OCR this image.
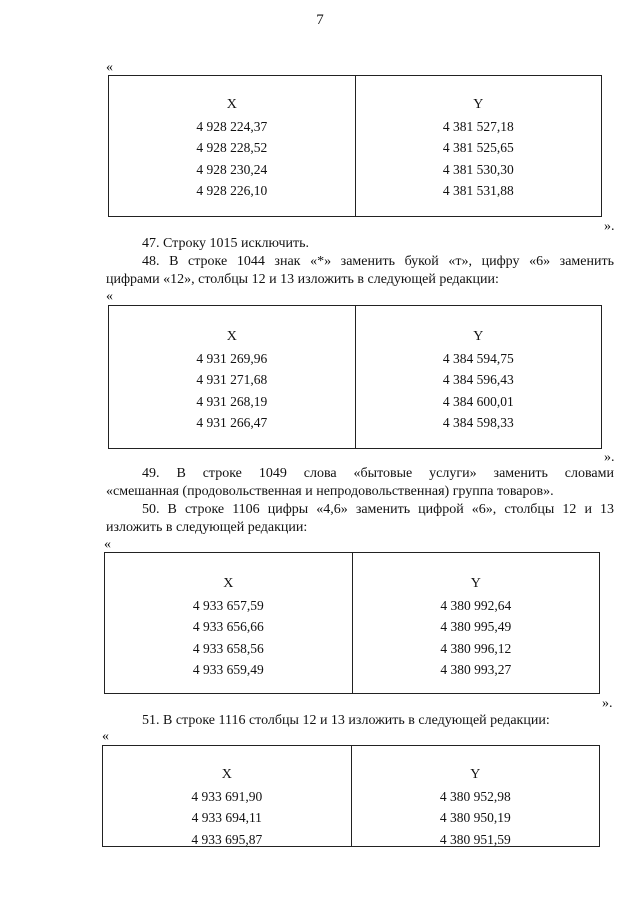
7
«
X
4 928 224,37
4 928 228,52
4 928 230,24
4 928 226,10
Y
4 381 527,18
4 381 525,65
4 381 530,30
4 381 531,88
».
47. Строку 1015 исключить.
48. В строке 1044 знак «*» заменить букой «т», цифру «6» заменить
цифрами «12», столбцы 12 и 13 изложить в следующей редакции:
«
X
4 931 269,96
4 931 271,68
4 931 268,19
4 931 266,47
Y
4 384 594,75
4 384 596,43
4 384 600,01
4 384 598,33
».
49. В строке 1049 слова «бытовые услуги» заменить словами
«смешанная (продовольственная и непродовольственная) группа товаров».
50. В строке 1106 цифры «4,6» заменить цифрой «6», столбцы 12 и 13
изложить в следующей редакции:
«
X
4 933 657,59
4 933 656,66
4 933 658,56
4 933 659,49
Y
4 380 992,64
4 380 995,49
4 380 996,12
4 380 993,27
».
51. В строке 1116 столбцы 12 и 13 изложить в следующей редакции:
«
X
4 933 691,90
4 933 694,11
4 933 695,87
Y
4 380 952,98
4 380 950,19
4 380 951,59
